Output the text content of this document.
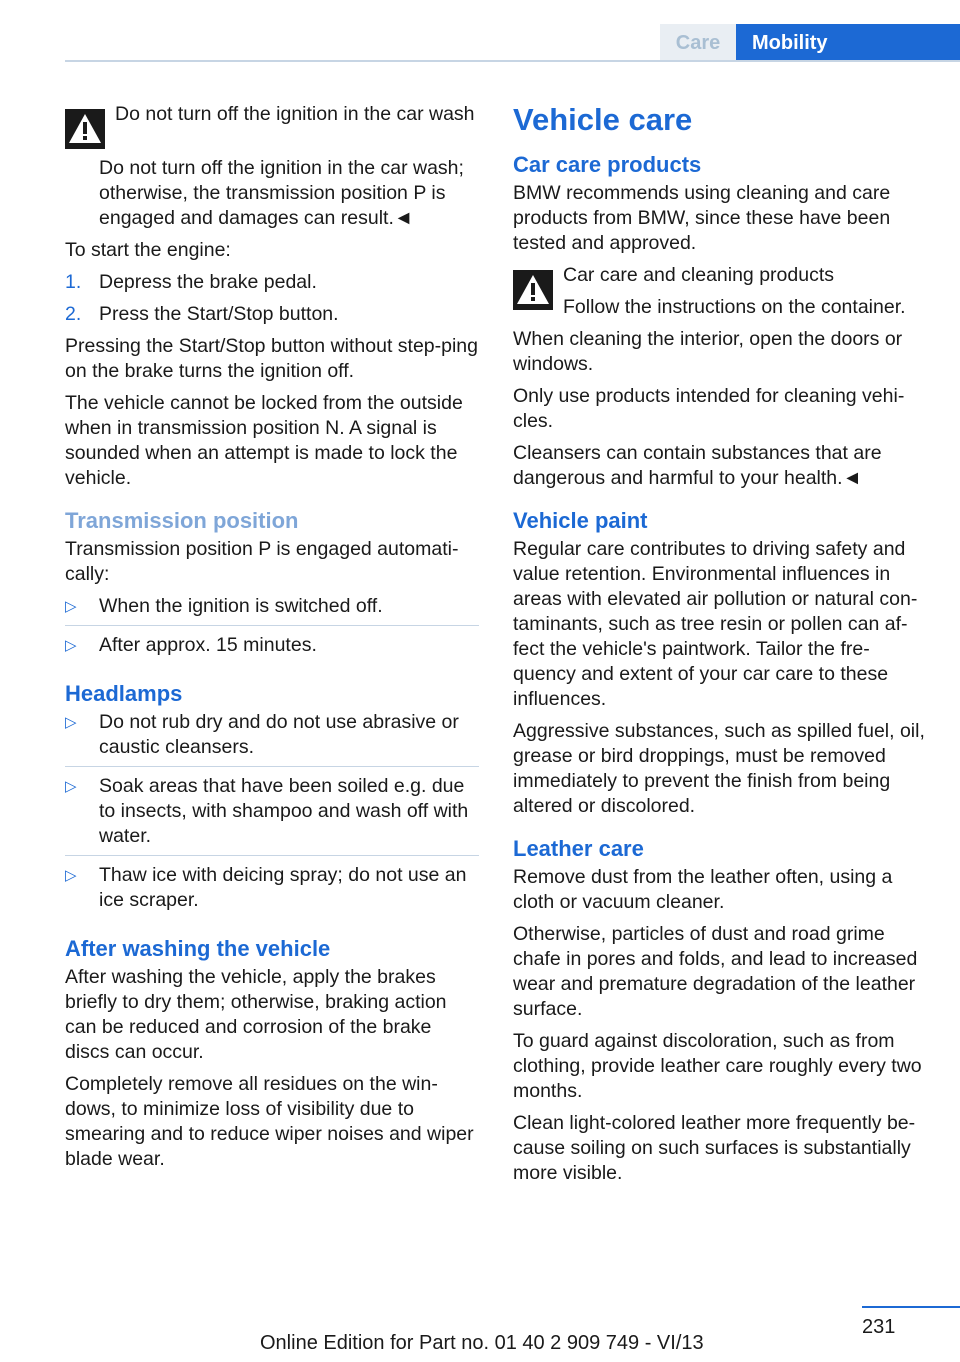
Care	Mobility
Do not turn off the ignition in the car wash

Do not turn off the ignition in the car wash; otherwise, the transmission position P is engaged and damages can result.◄

To start the engine:

1. Depress the brake pedal.
2. Press the Start/Stop button.

Pressing the Start/Stop button without step-ping on the brake turns the ignition off.

The vehicle cannot be locked from the outside when in transmission position N. A signal is sounded when an attempt is made to lock the vehicle.

Transmission position

Transmission position P is engaged automati-cally:

▷ When the ignition is switched off.
▷ After approx. 15 minutes.
Headlamps
▷ Do not rub dry and do not use abrasive or caustic cleansers.
▷ Soak areas that have been soiled e.g. due to insects, with shampoo and wash off with water.
▷ Thaw ice with deicing spray; do not use an ice scraper.
After washing the vehicle

After washing the vehicle, apply the brakes briefly to dry them; otherwise, braking action can be reduced and corrosion of the brake discs can occur.

Completely remove all residues on the win-dows, to minimize loss of visibility due to smearing and to reduce wiper noises and wiper blade wear.

Vehicle care
Car care products

BMW recommends using cleaning and care products from BMW, since these have been tested and approved.

Car care and cleaning products
Follow the instructions on the container.

When cleaning the interior, open the doors or windows.

Only use products intended for cleaning vehi-cles.

Cleansers can contain substances that are dangerous and harmful to your health.◄

Vehicle paint

Regular care contributes to driving safety and value retention. Environmental influences in areas with elevated air pollution or natural con-taminants, such as tree resin or pollen can af-fect the vehicle's paintwork. Tailor the fre-quency and extent of your car care to these influences.

Aggressive substances, such as spilled fuel, oil, grease or bird droppings, must be removed immediately to prevent the finish from being altered or discolored.

Leather care

Remove dust from the leather often, using a cloth or vacuum cleaner.

Otherwise, particles of dust and road grime chafe in pores and folds, and lead to increased wear and premature degradation of the leather surface.

To guard against discoloration, such as from clothing, provide leather care roughly every two months.

Clean light-colored leather more frequently be-cause soiling on such surfaces is substantially more visible.

231
Online Edition for Part no. 01 40 2 909 749 - VI/13
